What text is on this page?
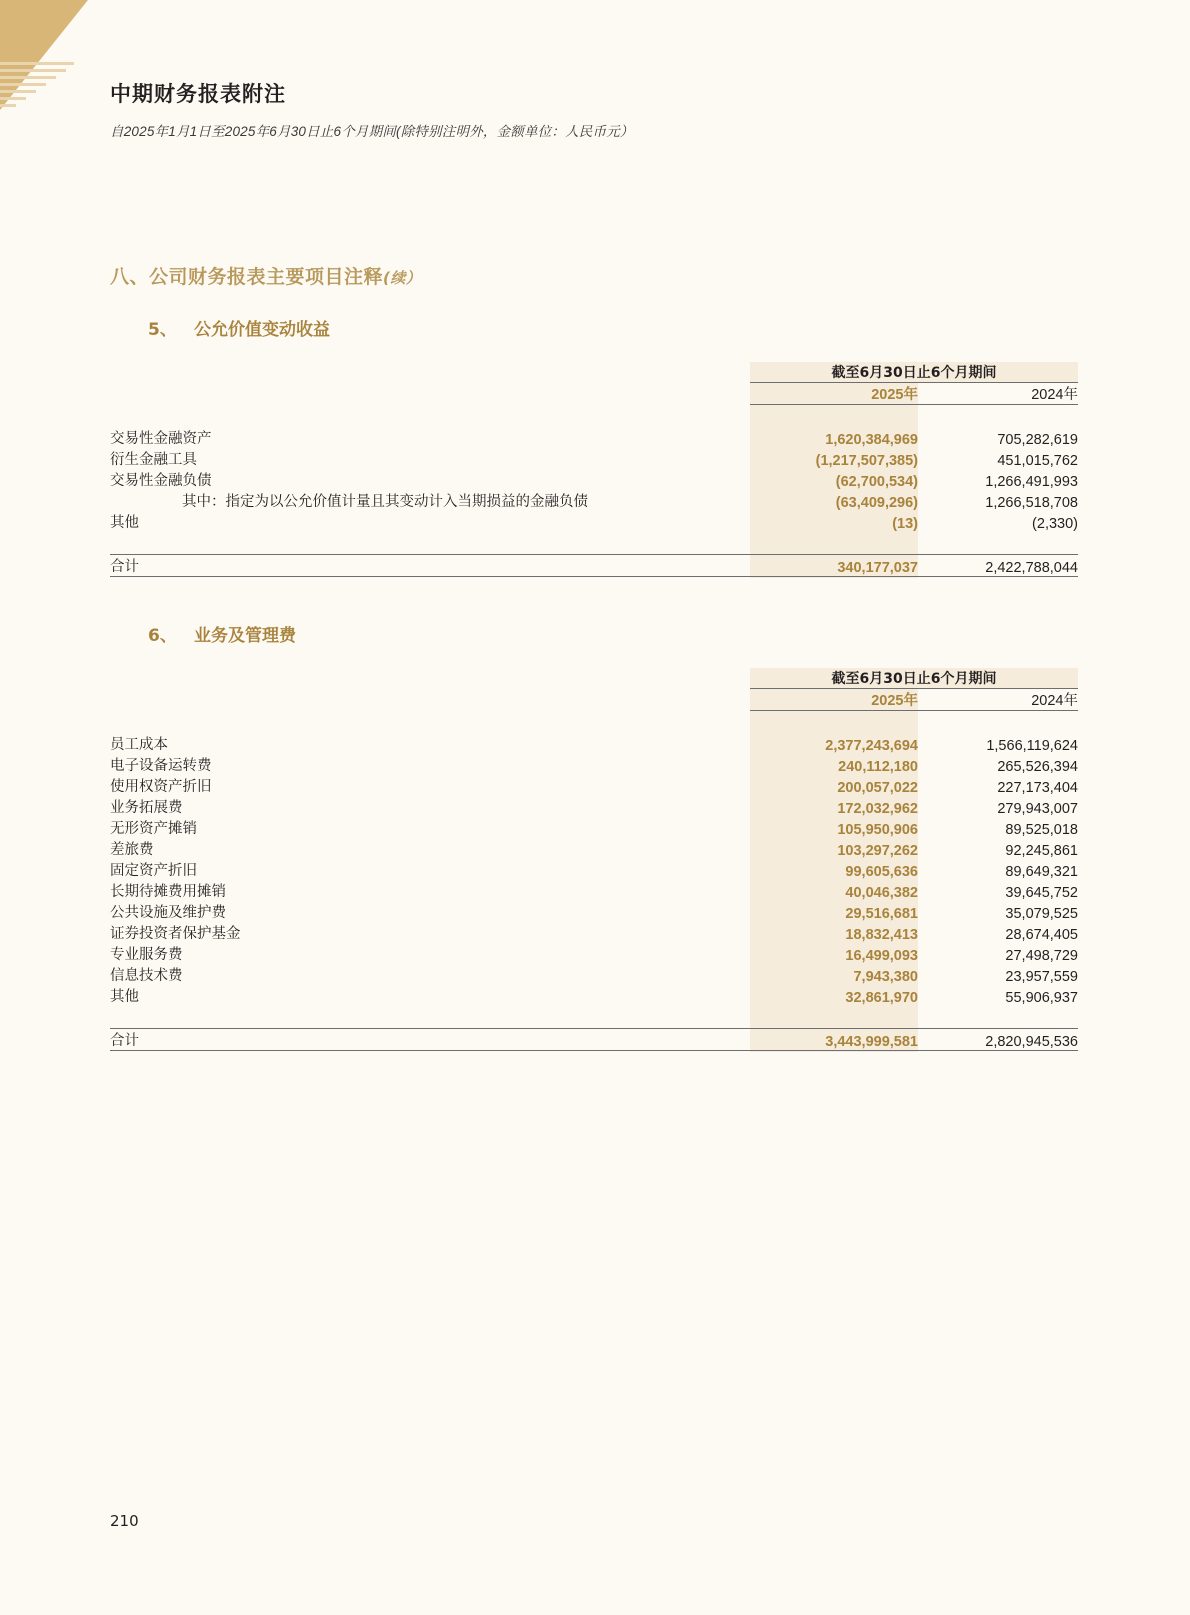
中期财务报表附注
自2025年1月1日至2025年6月30日止6个月期间(除特别注明外，金额单位：人民币元）
八、公司财务报表主要项目注释(续）
5、	公允价值变动收益
	截至6月30日止6个月期间	
	2025年	2024年

交易性金融资产	1,620,384,969	705,282,619
衍生金融工具	(1,217,507,385)	451,015,762
交易性金融负债	(62,700,534)	1,266,491,993
其中：指定为以公允价值计量且其变动计入当期损益的金融负债	(63,409,296)	1,266,518,708
其他	(13)	(2,330)

合计	340,177,037	2,422,788,044

6、	业务及管理费
	截至6月30日止6个月期间	
	2025年	2024年

员工成本	2,377,243,694	1,566,119,624
电子设备运转费	240,112,180	265,526,394
使用权资产折旧	200,057,022	227,173,404
业务拓展费	172,032,962	279,943,007
无形资产摊销	105,950,906	89,525,018
差旅费	103,297,262	92,245,861
固定资产折旧	99,605,636	89,649,321
长期待摊费用摊销	40,046,382	39,645,752
公共设施及维护费	29,516,681	35,079,525
证券投资者保护基金	18,832,413	28,674,405
专业服务费	16,499,093	27,498,729
信息技术费	7,943,380	23,957,559
其他	32,861,970	55,906,937

合计	3,443,999,581	2,820,945,536

210
